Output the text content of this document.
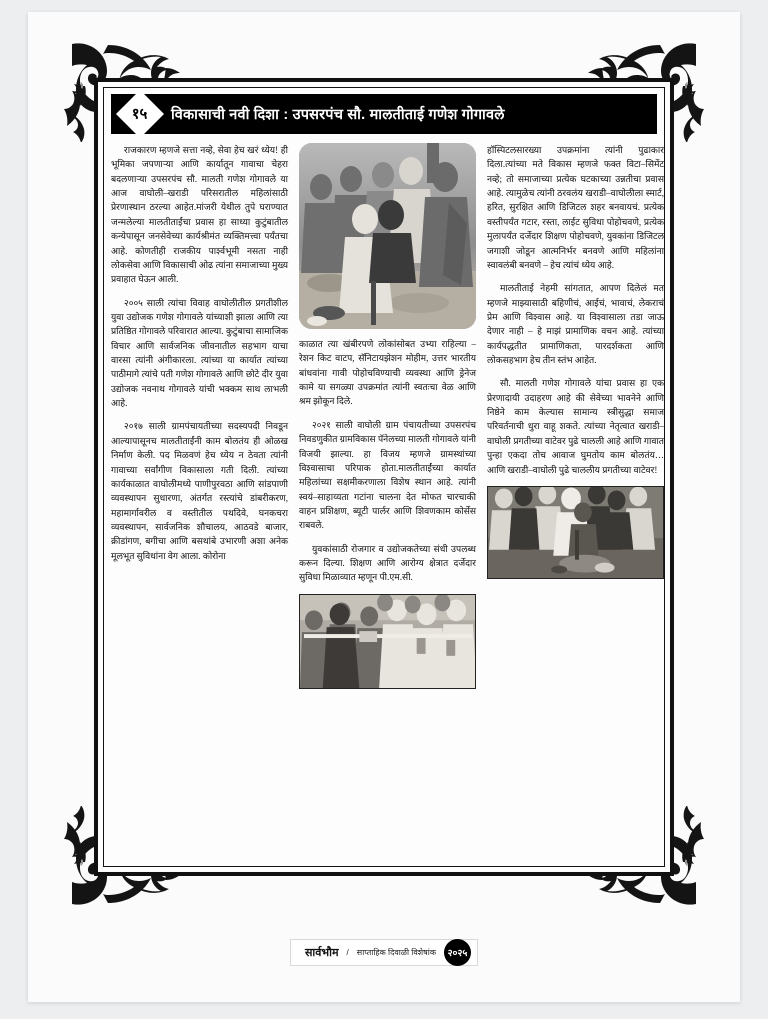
१५ विकासाची नवी दिशा : उपसरपंच सौ. मालतीताई गणेश गोगावले

राजकारण म्हणजे सत्ता नव्हे, सेवा हेच खरं ध्येय! ही भूमिका जपणाऱ्या आणि कार्यातून गावाचा चेहरा बदलणाऱ्या उपसरपंच सौ. मालती गणेश गोगावले या आज वाघोली–खराडी परिसरातील महिलांसाठी प्रेरणास्थान ठरल्या आहेत.मांजरी येथील तुपे घराण्यात जन्मलेल्या मालतीताईंचा प्रवास हा साध्या कुटुंबातील कन्येपासून जनसेवेच्या कार्यश्रीमंत व्यक्तिमत्त्वा पर्यंतचा आहे. कोणतीही राजकीय पार्श्वभूमी नसता नाही लोकसेवा आणि विकासाची ओढ त्यांना समाजाच्या मुख्य प्रवाहात घेऊन आली.

२००५ साली त्यांचा विवाह वाघोलीतील प्रगतीशील युवा उद्योजक गणेश गोगावले यांच्याशी झाला आणि त्या प्रतिष्ठित गोगावले परिवारात आल्या. कुटुंबाचा सामाजिक विचार आणि सार्वजनिक जीवनातील सहभाग याचा वारसा त्यांनी अंगीकारला. त्यांच्या या कार्यात त्यांच्या पाठीमागे त्यांचे पती गणेश गोगावले आणि छोटे दीर युवा उद्योजक नवनाथ गोगावले यांची भक्कम साथ लाभली आहे.

२०१७ साली ग्रामपंचायतीच्या सदस्यपदी निवडून आल्यापासूनच मालतीताईंनी काम बोलतंय ही ओळख निर्माण केली. पद मिळवणं हेच ध्येय न ठेवता त्यांनी गावाच्या सर्वांगीण विकासाला गती दिली. त्यांच्या कार्यकाळात वाघोलीमध्ये पाणीपुरवठा आणि सांडपाणी व्यवस्थापन सुधारणा, अंतर्गत रस्त्यांचे डांबरीकरण, महामार्गावरील व वस्तीतील पथदिवे, घनकचरा व्यवस्थापन, सार्वजनिक शौचालय, आठवडे बाजार, क्रीडांगण, बगीचा आणि बसथांबे उभारणी अशा अनेक मूलभूत सुविधांना वेग आला. कोरोना

काळात त्या खंबीरपणे लोकांसोबत उभ्या राहिल्या – रेशन किट वाटप, सॅनिटायझेशन मोहीम, उत्तर भारतीय बांधवांना गावी पोहोचविण्याची व्यवस्था आणि ड्रेनेज कामे या सगळ्या उपक्रमांत त्यांनी स्वतःचा वेळ आणि श्रम झोकून दिले.

२०२१ साली वाघोली ग्राम पंचायतीच्या उपसरपंच निवडणुकीत ग्रामविकास पॅनेलच्या मालती गोगावले यांनी विजयी झाल्या. हा विजय म्हणजे ग्रामस्थांच्या विश्वासाचा परिपाक होता.मालतीताईंच्या कार्यात महिलांच्या सक्षमीकरणाला विशेष स्थान आहे. त्यांनी स्वयं–साहाय्यता गटांना चालना देत मोफत चारचाकी वाहन प्रशिक्षण, ब्यूटी पार्लर आणि शिवणकाम कोर्सेस राबवले.

युवकांसाठी रोजगार व उद्योजकतेच्या संधी उपलब्ध करून दिल्या. शिक्षण आणि आरोग्य क्षेत्रात दर्जेदार सुविधा मिळाव्यात म्हणून पी.एम.सी.

हॉस्पिटलसारख्या उपक्रमांना त्यांनी पुढाकार दिला.त्यांच्या मते विकास म्हणजे फक्त विटा–सिमेंट नव्हे; तो समाजाच्या प्रत्येक घटकाच्या उन्नतीचा प्रवास आहे. त्यामुळेच त्यांनी ठरवलंय खराडी–वाघोलीला स्मार्ट, हरित, सुरक्षित आणि डिजिटल शहर बनवायचं. प्रत्येक वस्तीपर्यंत गटार, रस्ता, लाईट सुविधा पोहोचवणे, प्रत्येक मुलापर्यंत दर्जेदार शिक्षण पोहोचवणे, युवकांना डिजिटल जगाशी जोडून आत्मनिर्भर बनवणे आणि महिलांना स्वावलंबी बनवणे – हेच त्यांचं ध्येय आहे.

मालतीताई नेहमी सांगतात, आपण दिलेलं मत म्हणजे माझ्यासाठी बहिणीचं, आईचं, भावाचं, लेकराचं प्रेम आणि विश्वास आहे. या विश्वासाला तडा जाऊ देणार नाही – हे माझं प्रामाणिक वचन आहे. त्यांच्या कार्यपद्धतीत प्रामाणिकता, पारदर्शकता आणि लोकसहभाग हेच तीन स्तंभ आहेत.

सौ. मालती गणेश गोगावले यांचा प्रवास हा एक प्रेरणादायी उदाहरण आहे की सेवेच्या भावनेने आणि निष्ठेने काम केल्यास सामान्य स्त्रीसुद्धा समाज परिवर्तनाची धुरा वाहू शकते. त्यांच्या नेतृत्वात खराडी–वाघोली प्रगतीच्या वाटेवर पुढे चालली आहे आणि गावात पुन्हा एकदा तोच आवाज घुमतोय काम बोलतंय… आणि खराडी–वाघोली पुढे चाललीय प्रगतीच्या वाटेवर!

सार्वभौम / साप्ताहिक दिवाळी विशेषांक	२०२५
